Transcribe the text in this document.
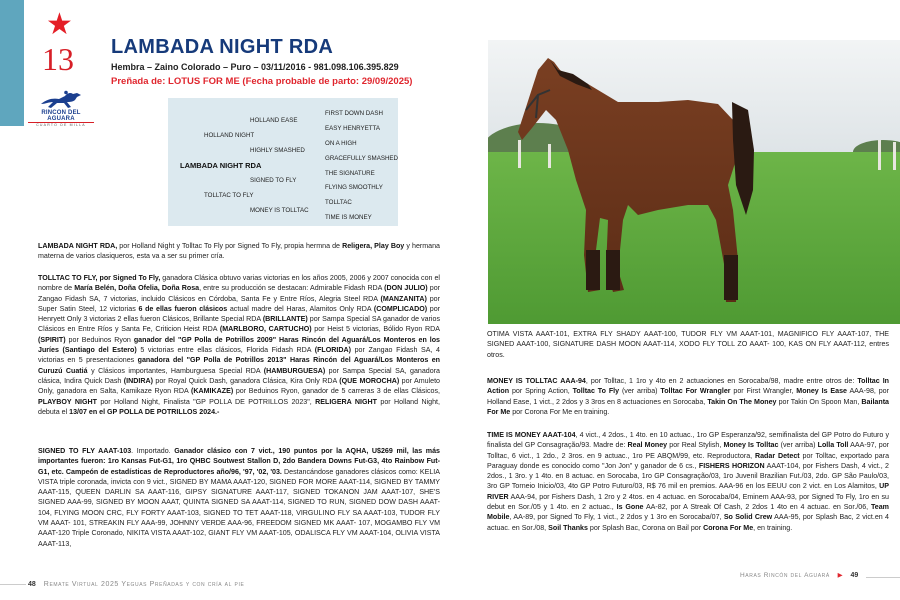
★
13
RINCON DEL AGUARA
CUARTO DE MILLA
LAMBADA NIGHT RDA
Hembra – Zaino Colorado – Puro – 03/11/2016 - 981.098.106.395.829
Preñada de: LOTUS FOR ME (Fecha probable de parto: 29/09/2025)
HOLLAND EASE
HOLLAND NIGHT
HIGHLY SMASHED
LAMBADA NIGHT RDA
SIGNED TO FLY
TOLLTAC TO FLY
MONEY IS TOLLTAC
FIRST DOWN DASH
EASY HENRYETTA
ON A HIGH
GRACEFULLY SMASHED
THE SIGNATURE
FLYING SMOOTHLY
TOLLTAC
TIME IS MONEY
LAMBADA NIGHT RDA, por Holland Night y Tolltac To Fly por Signed To Fly, propia hermna de Religera, Play Boy y hermana materna de varios clasiqueros, esta va a ser su primer cría.
TOLLTAC TO FLY, por Signed To Fly, ganadora Clásica obtuvo varias victorias en los años 2005, 2006 y 2007 conocida con el nombre de María Belén, Doña Ofelia, Doña Rosa, entre su producción se destacan: Admirable Fidash RDA (DON JULIO) por Zangao Fidash SA, 7 victorias, incluido Clásicos en Córdoba, Santa Fe y Entre Ríos, Alegria Steel RDA (MANZANITA) por Super Satin Steel, 12 victorias 6 de ellas fueron clásicos actual madre del Haras, Alamitos Only RDA (COMPLICADO) por Henryett Only 3 victorias 2 ellas fueron Clásicos, Brillante Special RDA (BRILLANTE) por Sampa Special SA ganador de varios Clásicos en Entre Ríos y Santa Fe, Criticion Heist RDA (MARLBORO, CARTUCHO) por Heist 5 victorias, Bólido Ryon RDA (SPIRIT) por Beduinos Ryon ganador del "GP Polla de Potrillos 2009" Haras Rincón del Aguará/Los Monteros en los Juríes (Santiago del Estero) 5 victorias entre ellas clásicos, Florida Fidash RDA (FLORIDA) por Zangao Fidash SA, 4 victorias en 5 presentaciones ganadora del "GP Polla de Potrillos 2013" Haras Rincón del Aguará/Los Monteros en Curuzú Cuatiá y Clásicos importantes, Hamburguesa Special RDA (HAMBURGUESA) por Sampa Special SA, ganadora clásica, Indira Quick Dash (INDIRA) por Royal Quick Dash, ganadora Clásica, Kira Only RDA (QUE MOROCHA) por Amuleto Only, ganadora en Salta, Kamikaze Ryon RDA (KAMIKAZE) por Beduinos Ryon, ganador de 5 carreras 3 de ellas Clásicos, PLAYBOY NIGHT por Holland Night, Finalista "GP POLLA DE POTRILLOS 2023", RELIGERA NIGHT por Holland Night, debuta el 13/07 en el GP POLLA DE POTRILLOS 2024.-
SIGNED TO FLY AAAT-103. Importado. Ganador clásico con 7 vict., 190 puntos por la AQHA, U$269 mil, las más importantes fueron: 1ro Kansas Fut-G1, 1ro QHBC Soutwest Stallon D, 2do Bandera Downs Fut-G3, 4to Rainbow Fut-G1, etc. Campeón de estadísticas de Reproductores año/96, '97, '02, '03. Destancándose ganadores clásicos como: KELIA VISTA triple coronada, invicta con 9 vict., SIGNED BY MAMA AAAT-120, SIGNED FOR MORE AAAT-114, SIGNED BY TAMMY AAAT-115, QUEEN DARLIN SA AAAT-116, GIPSY SIGNATURE AAAT-117, SIGNED TOKANON JAM AAAT-107, SHE'S SIGNED AAA-99, SIGNED BY MOON AAAT, QUINTA SIGNED SA AAAT-114, SIGNED TO RUN, SIGNED DOW DASH AAAT-104, FLYING MOON CRC, FLY FORTY AAAT-103, SIGNED TO TET AAAT-118, VIRGULINO FLY SA AAAT-103, TUDOR FLY VM AAAT- 101, STREAKIN FLY AAA-99, JOHNNY VERDE AAA-96, FREEDOM SIGNED MK AAAT- 107, MOGAMBO FLY VM AAAT-120 Triple Coronado, NIKITA VISTA AAAT-102, GIANT FLY VM AAAT-105, ODALISCA FLY VM AAAT-104, OLIVIA VISTA AAAT-113,
48 Remate Virtual 2025 Yeguas Preñadas y con cría al pie
OTIMA VISTA AAAT-101, EXTRA FLY SHADY AAAT-100, TUDOR FLY VM AAAT-101, MAGNIFICO FLY AAAT-107, THE SIGNED AAAT-100, SIGNATURE DASH MOON AAAT-114, XODO FLY TOLL ZO AAAT- 100, KAS ON FLY AAAT-112, entres otros.
MONEY IS TOLLTAC AAA-94, por Tolltac, 1 1ro y 4to en 2 actuaciones en Sorocaba/98, madre entre otros de: Tolltac In Action por Spring Action, Tolltac To Fly (ver arriba) Tolltac For Wrangler por First Wrangler, Money Is Ease AAA-98, por Holland Ease, 1 vict., 2 2dos y 3 3ros en 8 actuaciones en Sorocaba, Takin On The Money por Takin On Spoon Man, Bailanta For Me por Corona For Me en training.
TIME IS MONEY AAAT-104, 4 vict., 4 2dos., 1 4to. en 10 actuac., 1ro GP Esperanza/92, semifinalista del GP Potro do Futuro y finalista del GP Consagração/93. Madre de: Real Money por Real Stylish, Money Is Tolltac (ver arriba) Lolla Toll AAA-97, por Tolltac, 6 vict., 1 2do., 2 3ros. en 9 actuac., 1ro PE ABQM/99, etc. Reproductora, Radar Detect por Tolltac, exportado para Paraguay donde es conocido como "Jon Jon" y ganador de 6 cs., FISHERS HORIZON AAAT-104, por Fishers Dash, 4 vict., 2 2dos., 1 3ro. y 1 4to. en 8 actuac. en Sorocaba, 1ro GP Consagração/03, 1ro Juvenil Brazilian Fut./03, 2do. GP São Paulo/03, 3ro GP Torneio Inicio/03, 4to GP Potro Futuro/03, R$ 76 mil en premios. AAA-96 en los EEUU con 2 vict. en Los Alamitos, UP RIVER AAA-94, por Fishers Dash, 1 2ro y 2 4tos. en 4 actuac. en Sorocaba/04, Eminem AAA-93, por Signed To Fly, 1ro en su debut en Sor./05 y 1 4to. en 2 actuac., Is Gone AA-82, por A Streak Of Cash, 2 2dos 1 4to en 4 actuac. en Sor./06, Team Mobile, AA-89, por Signed To Fly, 1 vict., 2 2dos y 1 3ro en Sorocaba/07, So Solid Crew AAA-95, por Splash Bac, 2 vict.en 4 actuac. en Sor./08, Soil Thanks por Splash Bac, Corona on Bail por Corona For Me, en training.
Haras Rincón del Aguará ▶ 49
